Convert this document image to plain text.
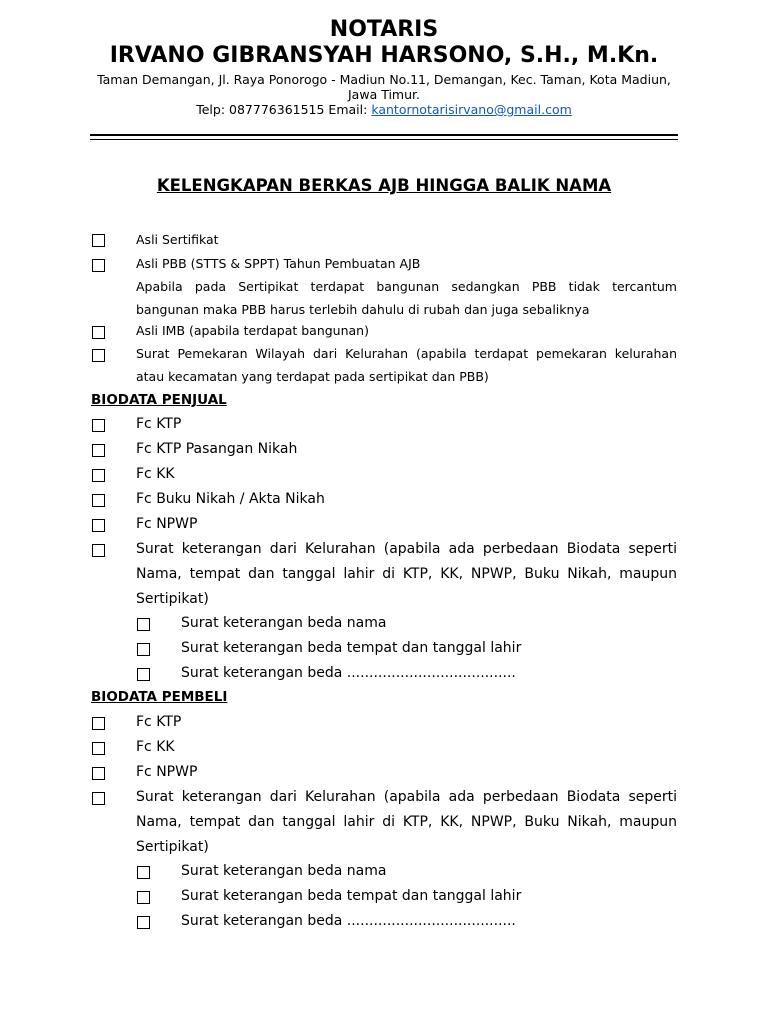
NOTARIS
IRVANO GIBRANSYAH HARSONO, S.H., M.Kn.
Taman Demangan, Jl. Raya Ponorogo - Madiun No.11, Demangan, Kec. Taman, Kota Madiun, Jawa Timur.
Telp: 087776361515 Email: kantornotarisirvano@gmail.com
KELENGKAPAN BERKAS AJB HINGGA BALIK NAMA
Asli Sertifikat
Asli PBB (STTS & SPPT) Tahun Pembuatan AJB
Apabila pada Sertipikat terdapat bangunan sedangkan PBB tidak tercantum bangunan maka PBB harus terlebih dahulu di rubah dan juga sebaliknya
Asli IMB (apabila terdapat bangunan)
Surat Pemekaran Wilayah dari Kelurahan (apabila terdapat pemekaran kelurahan atau kecamatan yang terdapat pada sertipikat dan PBB)
BIODATA PENJUAL
Fc KTP
Fc KTP Pasangan Nikah
Fc KK
Fc Buku Nikah / Akta Nikah
Fc NPWP
Surat keterangan dari Kelurahan (apabila ada perbedaan Biodata seperti Nama, tempat dan tanggal lahir di KTP, KK, NPWP, Buku Nikah, maupun Sertipikat)
Surat keterangan beda nama
Surat keterangan beda tempat dan tanggal lahir
Surat keterangan beda ......................................
BIODATA PEMBELI
Fc KTP
Fc KK
Fc NPWP
Surat keterangan dari Kelurahan (apabila ada perbedaan Biodata seperti Nama, tempat dan tanggal lahir di KTP, KK, NPWP, Buku Nikah, maupun Sertipikat)
Surat keterangan beda nama
Surat keterangan beda tempat dan tanggal lahir
Surat keterangan beda ......................................
